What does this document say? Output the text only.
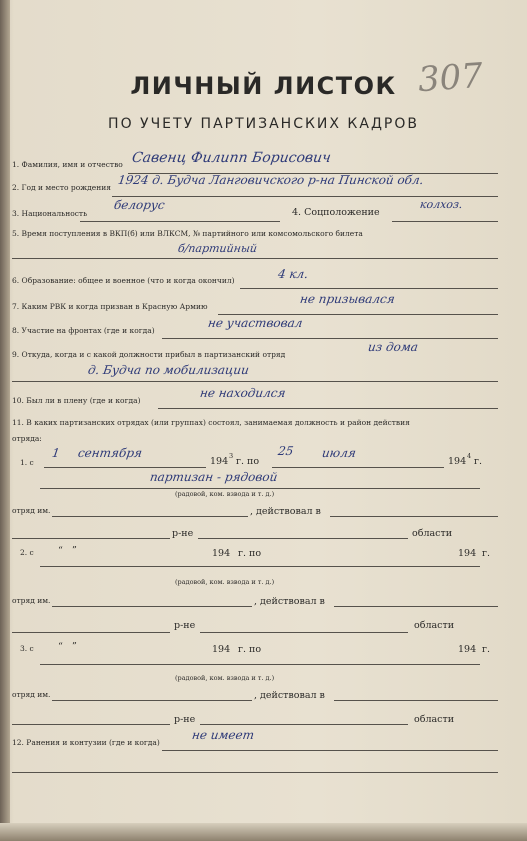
307
ЛИЧНЫЙ ЛИСТОК
ПО УЧЕТУ ПАРТИЗАНСКИХ КАДРОВ
1. Фамилия, имя и отчество Савенц Филипп Борисович
2. Год и место рождения
1924 д. Будча Ланговичского р-на Пинской обл.
3. Национальность
белорус
4. Соцположение
колхоз.
5. Время поступления в ВКП(б) или ВЛКСМ, № партийного или комсомольского билета
б/партийный
6. Образование: общее и военное (что и когда окончил)	4 кл.
7. Каким РВК и когда призван в Красную Армию
не призывался
8. Участие на фронтах (где и когда)
не участвовал
9. Откуда, когда и с какой должности прибыл в партизанский отряд
из дома
д. Будча по мобилизации
10. Был ли в плену (где и когда)
не находился
11. В каких партизанских отрядах (или группах) состоял, занимаемая должность и район действия
отряда:
1. с
1 сентября
194 3 г. по
25 июля
194 4 г.
партизан - рядовой
(радовой, ком. взвода и т. д.)
отряд им.	, действовал в
р-не	области
2. с	“ ”	194 г. по	194 г.
(радовой, ком. взвода и т. д.)
отряд им.	, действовал в
р-не	области
3. с	“ ”	194 г. по	194 г.
(радовой, ком. взвода и т. д.)
отряд им.	, действовал в
р-не	области
12. Ранения и контузии (где и когда)
не имеет
